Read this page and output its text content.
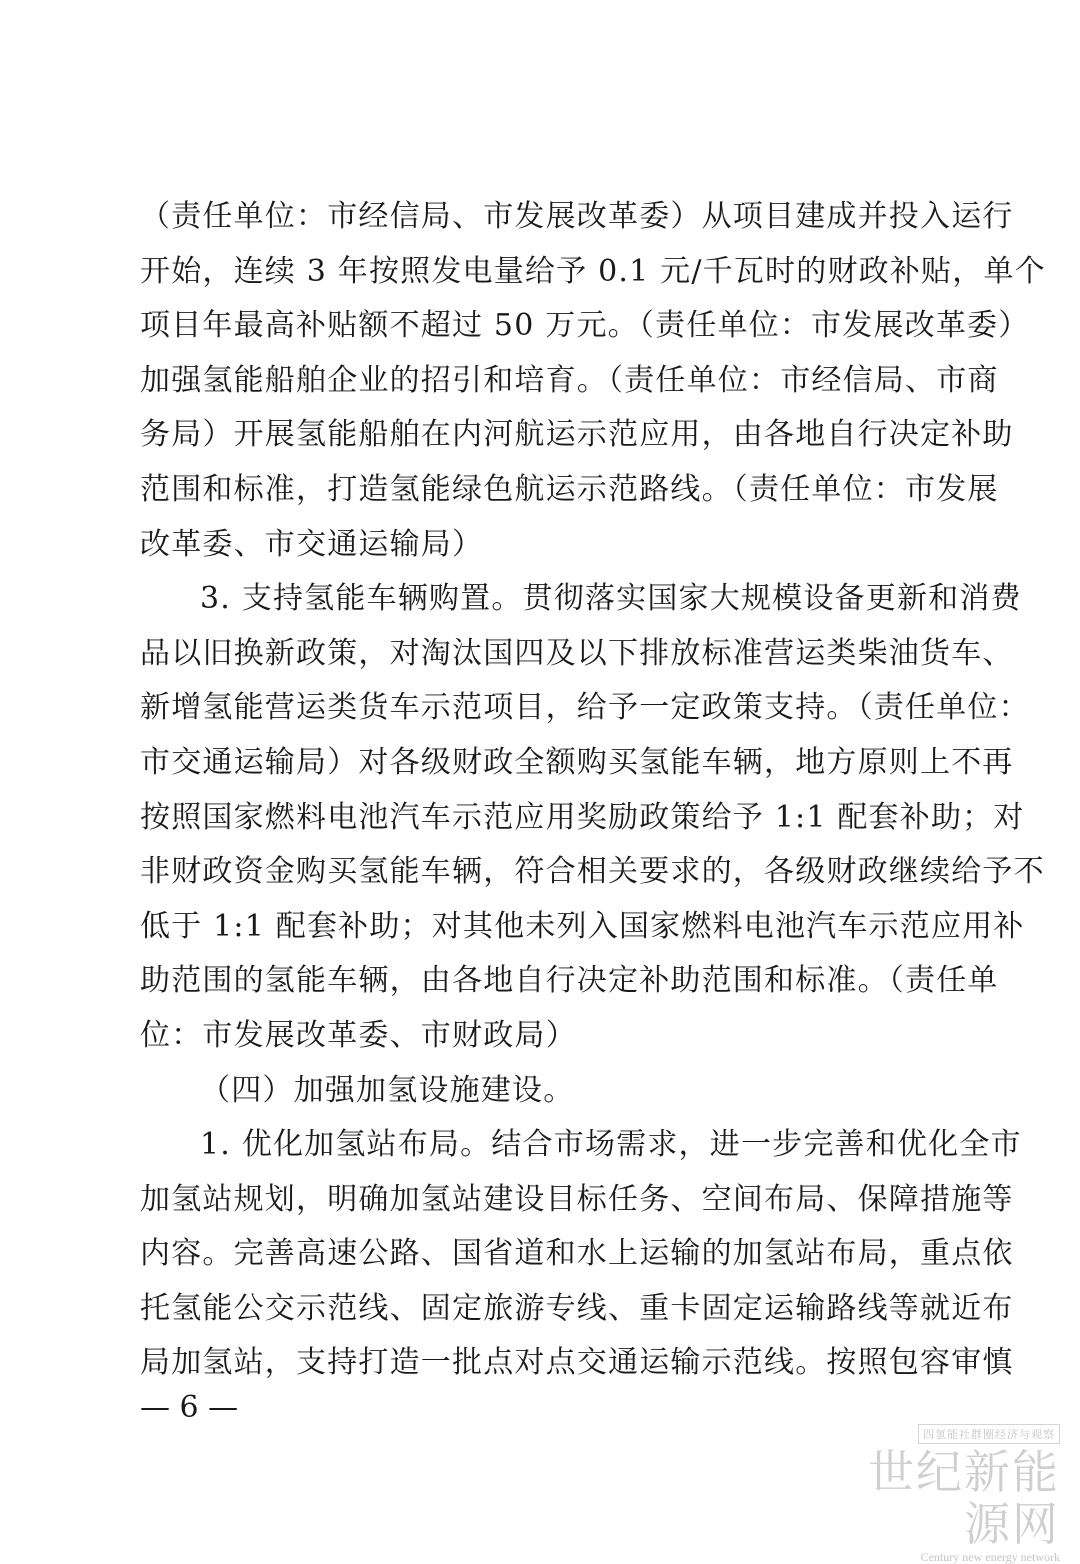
（责任单位：市经信局、市发展改革委）从项目建成并投入运行
开始，连续 3 年按照发电量给予 0.1 元/千瓦时的财政补贴，单个
项目年最高补贴额不超过 50 万元。（责任单位：市发展改革委）
加强氢能船舶企业的招引和培育。（责任单位：市经信局、市商
务局）开展氢能船舶在内河航运示范应用，由各地自行决定补助
范围和标准，打造氢能绿色航运示范路线。（责任单位：市发展
改革委、市交通运输局）
3. 支持氢能车辆购置。贯彻落实国家大规模设备更新和消费
品以旧换新政策，对淘汰国四及以下排放标准营运类柴油货车、
新增氢能营运类货车示范项目，给予一定政策支持。（责任单位：
市交通运输局）对各级财政全额购买氢能车辆，地方原则上不再
按照国家燃料电池汽车示范应用奖励政策给予 1:1 配套补助；对
非财政资金购买氢能车辆，符合相关要求的，各级财政继续给予不
低于 1:1 配套补助；对其他未列入国家燃料电池汽车示范应用补
助范围的氢能车辆，由各地自行决定补助范围和标准。（责任单
位：市发展改革委、市财政局）
（四）加强加氢设施建设。
1. 优化加氢站布局。结合市场需求，进一步完善和优化全市
加氢站规划，明确加氢站建设目标任务、空间布局、保障措施等
内容。完善高速公路、国省道和水上运输的加氢站布局，重点依
托氢能公交示范线、固定旅游专线、重卡固定运输路线等就近布
局加氢站，支持打造一批点对点交通运输示范线。按照包容审慎
— 6 —
四氢能社群圈经济与观察
世纪新能源网
Century new energy network
